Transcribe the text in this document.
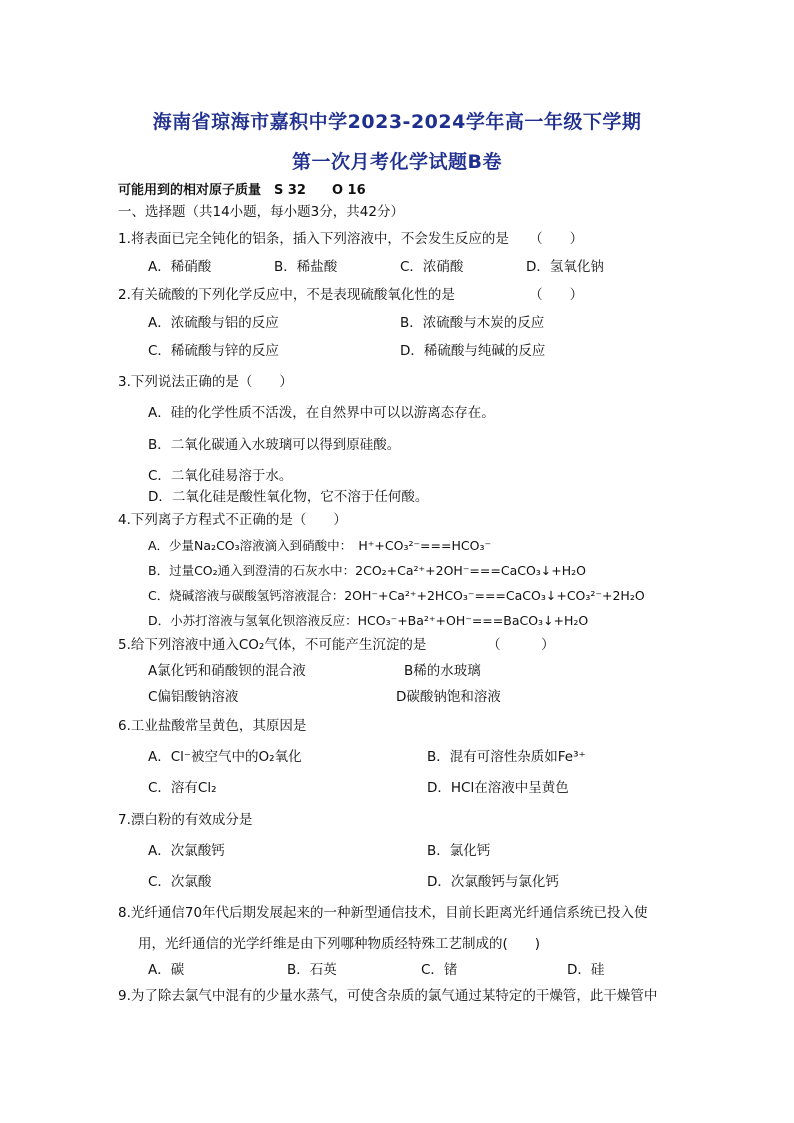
海南省琼海市嘉积中学2023-2024学年高一年级下学期
第一次月考化学试题B卷
可能用到的相对原子质量　S 32　　O 16
一、选择题（共14小题，每小题3分，共42分）
1.将表面已完全钝化的铝条，插入下列溶液中，不会发生反应的是　　（　　）
A．稀硝酸	B．稀盐酸	C．浓硝酸	D．氢氧化钠
2.有关硫酸的下列化学反应中，不是表现硫酸氧化性的是　　　　　　（　　）
A．浓硫酸与铝的反应	B．浓硫酸与木炭的反应
C．稀硫酸与锌的反应	D．稀硫酸与纯碱的反应
3.下列说法正确的是（　　）
A．硅的化学性质不活泼，在自然界中可以以游离态存在。
B．二氧化碳通入水玻璃可以得到原硅酸。
C．二氧化硅易溶于水。
D．二氧化硅是酸性氧化物，它不溶于任何酸。
4.下列离子方程式不正确的是（　　）
A．少量Na₂CO₃溶液滴入到硝酸中：　H⁺+CO₃²⁻===HCO₃⁻
B．过量CO₂通入到澄清的石灰水中：2CO₂+Ca²⁺+2OH⁻===CaCO₃↓+H₂O
C．烧碱溶液与碳酸氢钙溶液混合：2OH⁻+Ca²⁺+2HCO₃⁻===CaCO₃↓+CO₃²⁻+2H₂O
D．小苏打溶液与氢氧化钡溶液反应：HCO₃⁻+Ba²⁺+OH⁻===BaCO₃↓+H₂O
5.给下列溶液中通入CO₂气体，不可能产生沉淀的是　　　　　（　　　）
A氯化钙和硝酸钡的混合液	B稀的水玻璃
C偏铝酸钠溶液	D碳酸钠饱和溶液
6.工业盐酸常呈黄色，其原因是
A．Cl⁻被空气中的O₂氧化	B．混有可溶性杂质如Fe³⁺
C．溶有Cl₂	D．HCl在溶液中呈黄色
7.漂白粉的有效成分是
A．次氯酸钙	B．氯化钙
C．次氯酸	D．次氯酸钙与氯化钙
8.光纤通信70年代后期发展起来的一种新型通信技术，目前长距离光纤通信系统已投入使
用，光纤通信的光学纤维是由下列哪种物质经特殊工艺制成的(　　)
A．碳	B．石英	C．锗	D．硅
9.为了除去氯气中混有的少量水蒸气，可使含杂质的氯气通过某特定的干燥管，此干燥管中
